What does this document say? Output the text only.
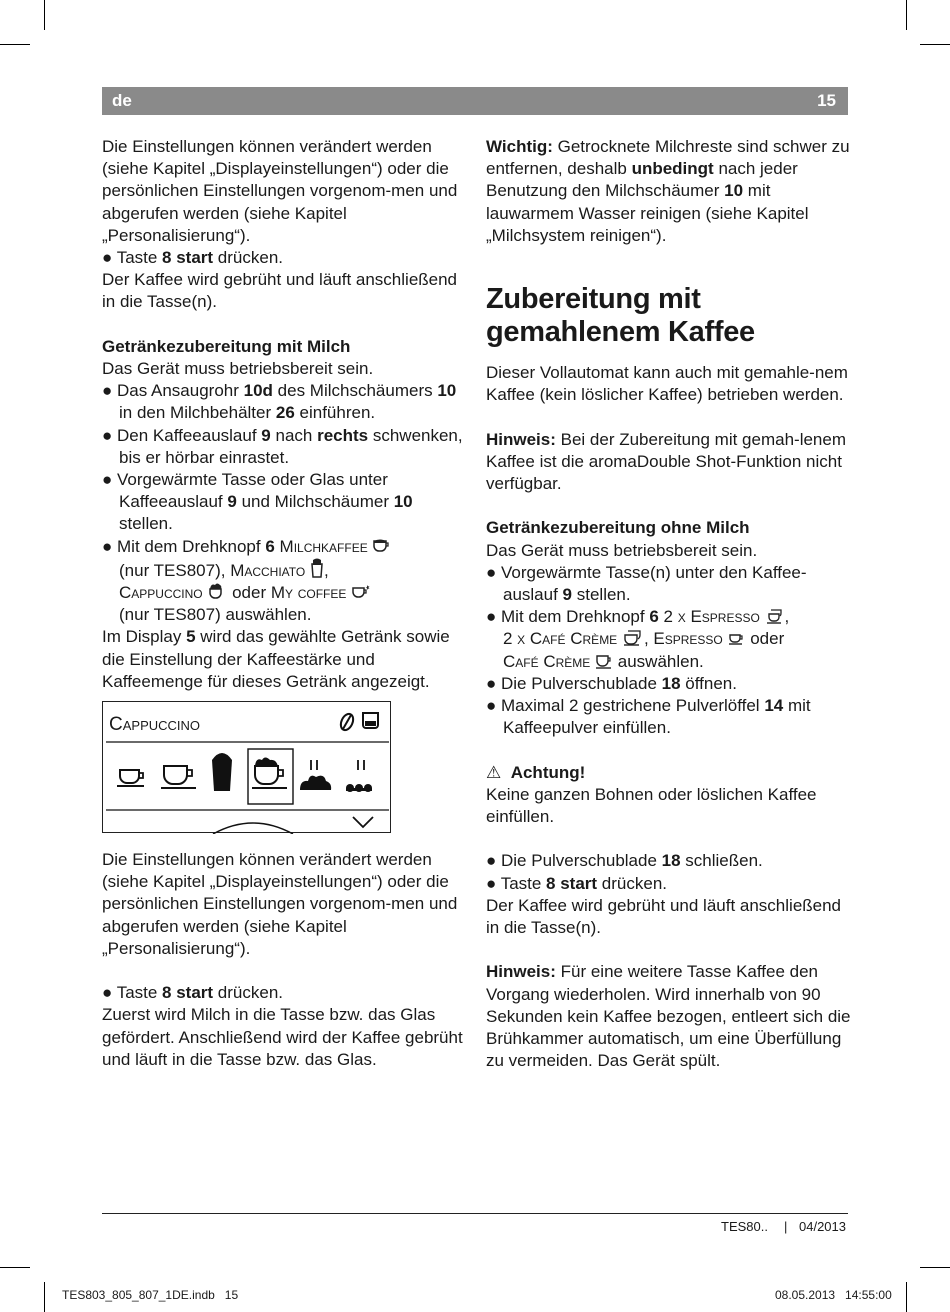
de	15

Die Einstellungen können verändert werden (siehe Kapitel „Displayeinstellungen“) oder die persönlichen Einstellungen vorgenom-men und abgerufen werden (siehe Kapitel „Personalisierung“).

● Taste 8 start drücken.

Der Kaffee wird gebrüht und läuft anschließend in die Tasse(n).

Getränkezubereitung mit Milch

Das Gerät muss betriebsbereit sein.

● Das Ansaugrohr 10d des Milchschäumers 10 in den Milchbehälter 26 einführen.

● Den Kaffeeauslauf 9 nach rechts schwenken, bis er hörbar einrastet.

● Vorgewärmte Tasse oder Glas unter Kaffeeauslauf 9 und Milchschäumer 10 stellen.

● Mit dem Drehknopf 6 Milchkaffee
(nur TES807), Macchiato ,
Cappuccino  oder My coffee
(nur TES807) auswählen.

Im Display 5 wird das gewählte Getränk sowie die Einstellung der Kaffeestärke und Kaffeemenge für dieses Getränk angezeigt.

Cappuccino

Die Einstellungen können verändert werden (siehe Kapitel „Displayeinstellungen“) oder die persönlichen Einstellungen vorgenom-men und abgerufen werden (siehe Kapitel „Personalisierung“).

● Taste 8 start drücken.

Zuerst wird Milch in die Tasse bzw. das Glas gefördert. Anschließend wird der Kaffee gebrüht und läuft in die Tasse bzw. das Glas.

Wichtig: Getrocknete Milchreste sind schwer zu entfernen, deshalb unbedingt nach jeder Benutzung den Milchschäumer 10 mit lauwarmem Wasser reinigen (siehe Kapitel „Milchsystem reinigen“).

Zubereitung mit
gemahlenem Kaffee

Dieser Vollautomat kann auch mit gemahle-nem Kaffee (kein löslicher Kaffee) betrieben werden.

Hinweis: Bei der Zubereitung mit gemah-lenem Kaffee ist die aromaDouble Shot-Funktion nicht verfügbar.

Getränkezubereitung ohne Milch

Das Gerät muss betriebsbereit sein.

● Vorgewärmte Tasse(n) unter den Kaffee-auslauf 9 stellen.

● Mit dem Drehknopf 6 2 x Espresso ,
2 x Café Crème , Espresso  oder
Café Crème  auswählen.

● Die Pulverschublade 18 öffnen.

● Maximal 2 gestrichene Pulverlöffel 14 mit Kaffeepulver einfüllen.

⚠ Achtung!

Keine ganzen Bohnen oder löslichen Kaffee einfüllen.

● Die Pulverschublade 18 schließen.

● Taste 8 start drücken.

Der Kaffee wird gebrüht und läuft anschließend in die Tasse(n).

Hinweis: Für eine weitere Tasse Kaffee den Vorgang wiederholen. Wird innerhalb von 90 Sekunden kein Kaffee bezogen, entleert sich die Brühkammer automatisch, um eine Überfüllung zu vermeiden. Das Gerät spült.

TES80.. | 04/2013
TES803_805_807_1DE.indb   15	08.05.2013   14:55:00
